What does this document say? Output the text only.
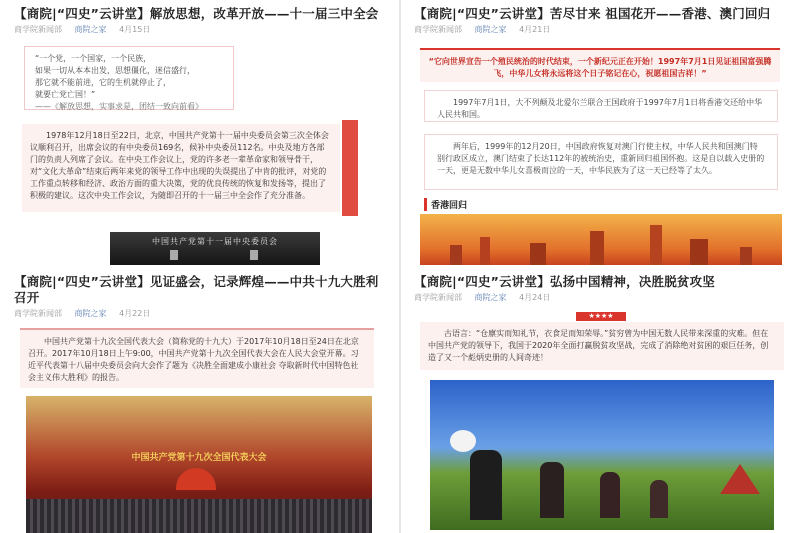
【商院|“四史”云讲堂】解放思想，改革开放——十一届三中全会
商学院新闻部 商院之家 4月15日
“一个党，一个国家，一个民族，
如果一切从本本出发，思想僵化，迷信盛行，
那它就不能前进，它的生机就停止了，
就要亡党亡国！”
——《解放思想，实事求是，团结一致向前看》
1978年12月18日至22日，北京，中国共产党第十一届中央委员会第三次全体会议顺利召开，出席会议的有中央委员169名，候补中央委员112名。中央及地方各部门的负责人列席了会议。在中央工作会议上，党的许多老一辈革命家和领导骨干，对“文化大革命”结束后两年来党的领导工作中出现的失误提出了中肯的批评，对党的工作重点转移和经济、政治方面的重大决策，党的优良传统的恢复和发扬等，提出了积极的建议。这次中央工作会议，为随即召开的十一届三中全会作了充分准备。
中国共产党第十一届中央委员会
【商院|“四史”云讲堂】苦尽甘来 祖国花开——香港、澳门回归
商学院新闻部 商院之家 4月21日
“它向世界宣告一个殖民统治的时代结束，一个新纪元正在开始！1997年7月1日见证祖国富强腾飞，中华儿女将永远将这个日子铭记在心，祝愿祖国吉祥！”
1997年7月1日，大不列颠及北爱尔兰联合王国政府于1997年7月1日将香港交还给中华人民共和国。
两年后，1999年的12月20日，中国政府恢复对澳门行使主权，中华人民共和国澳门特别行政区成立，澳门结束了长达112年的被统治史，重新回归祖国怀抱。这是自以载入史册的一天，更是无数中华儿女喜极而泣的一天，中华民族为了这一天已经等了太久。
香港回归
【商院|“四史”云讲堂】见证盛会，记录辉煌——中共十九大胜利召开
商学院新闻部 商院之家 4月22日
中国共产党第十九次全国代表大会（简称党的十九大）于2017年10月18日至24日在北京召开。2017年10月18日上午9:00，中国共产党第十九次全国代表大会在人民大会堂开幕。习近平代表第十八届中央委员会向大会作了题为《决胜全面建成小康社会 夺取新时代中国特色社会主义伟大胜利》的报告。
中国共产党第十九次全国代表大会
【商院|“四史”云讲堂】弘扬中国精神，决胜脱贫攻坚
商学院新闻部 商院之家 4月24日
★★★★
古语言：“仓廪实而知礼节，衣食足而知荣辱。”贫穷曾为中国无数人民带来深重的灾难。但在中国共产党的领导下，我国于2020年全面打赢脱贫攻坚战，完成了消除绝对贫困的艰巨任务，创造了又一个彪炳史册的人间奇迹！
